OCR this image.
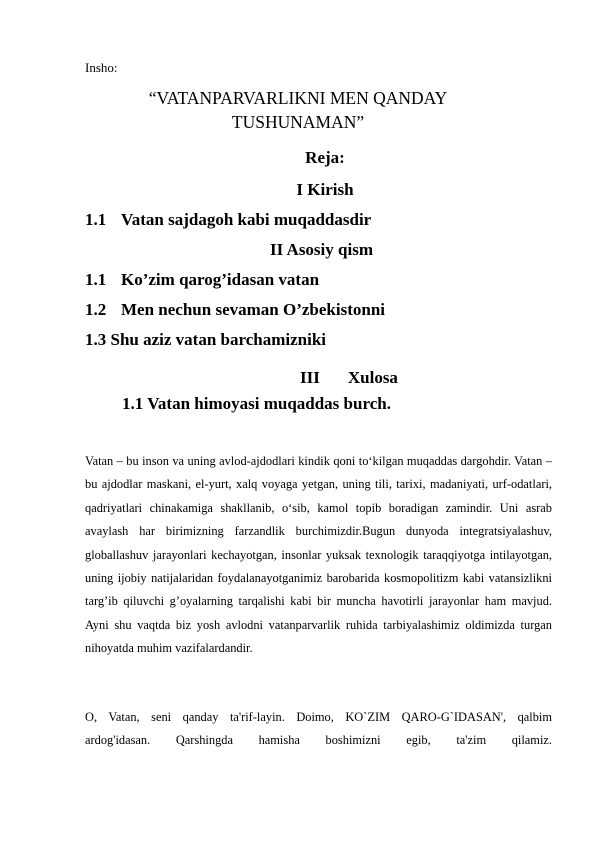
Insho:
“VATANPARVARLIKNI MEN QANDAY
TUSHUNAMAN”
Reja:
I Kirish
1.1 Vatan sajdagoh kabi muqaddasdir
II Asosiy qism
1.1 Ko’zim qarog’idasan vatan
1.2 Men nechun sevaman O’zbekistonni
1.3 Shu aziz vatan barchamizniki
III Xulosa
1.1 Vatan himoyasi muqaddas burch.
Vatan – bu inson va uning avlod-ajdodlari kindik qoni to‘kilgan muqaddas dargohdir. Vatan – bu ajdodlar maskani, el-yurt, xalq voyaga yetgan, uning tili, tarixi, madaniyati, urf-odatlari, qadriyatlari chinakamiga shakllanib, o‘sib, kamol topib boradigan zamindir. Uni asrab avaylash har birimizning farzandlik burchimizdir.Bugun dunyoda integratsiyalashuv, globallashuv jarayonlari kechayotgan, insonlar yuksak texnologik taraqqiyotga intilayotgan, uning ijobiy natijalaridan foydalanayotganimiz barobarida kosmopolitizm kabi vatansizlikni targ’ib qiluvchi g’oyalarning tarqalishi kabi bir muncha havotirli jarayonlar ham mavjud. Ayni shu vaqtda biz yosh avlodni vatanparvarlik ruhida tarbiyalashimiz oldimizda turgan nihoyatda muhim vazifalardandir.
O, Vatan, seni qanday ta'rif-layin. Doimo, KO`ZIM QARO-G`IDASAN', qalbim ardog'idasan. Qarshingda hamisha boshimizni egib, ta'zim qilamiz.
